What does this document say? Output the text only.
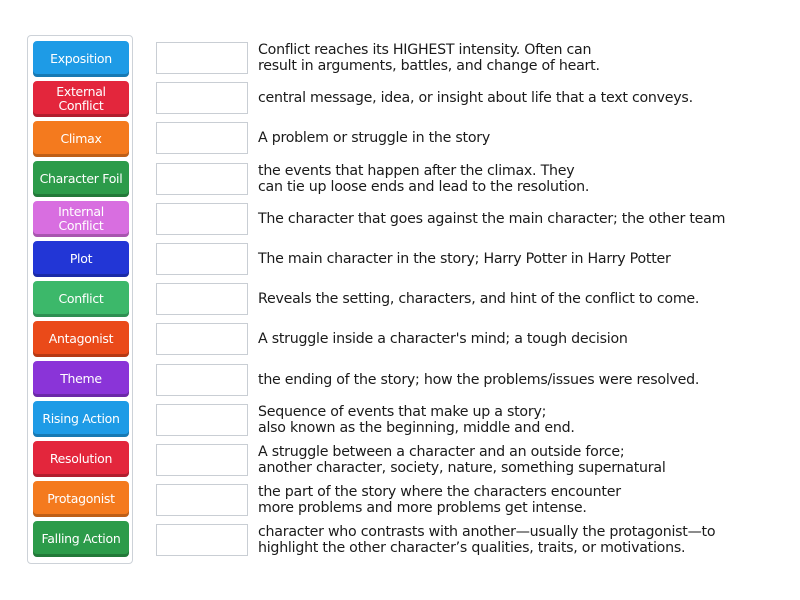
Exposition
External Conflict
Climax
Character Foil
Internal Conflict
Plot
Conflict
Antagonist
Theme
Rising Action
Resolution
Protagonist
Falling Action
Conflict reaches its HIGHEST intensity. Often can
result in arguments, battles, and change of heart.
central message, idea, or insight about life that a text conveys.
A problem or struggle in the story
the events that happen after the climax. They
can tie up loose ends and lead to the resolution.
The character that goes against the main character; the other team
The main character in the story; Harry Potter in Harry Potter
Reveals the setting, characters, and hint of the conflict to come.
A struggle inside a character's mind; a tough decision
the ending of the story; how the problems/issues were resolved.
Sequence of events that make up a story;
also known as the beginning, middle and end.
A struggle between a character and an outside force;
another character, society, nature, something supernatural
the part of the story where the characters encounter
more problems and more problems get intense.
character who contrasts with another—usually the protagonist—to
highlight the other character’s qualities, traits, or motivations.
